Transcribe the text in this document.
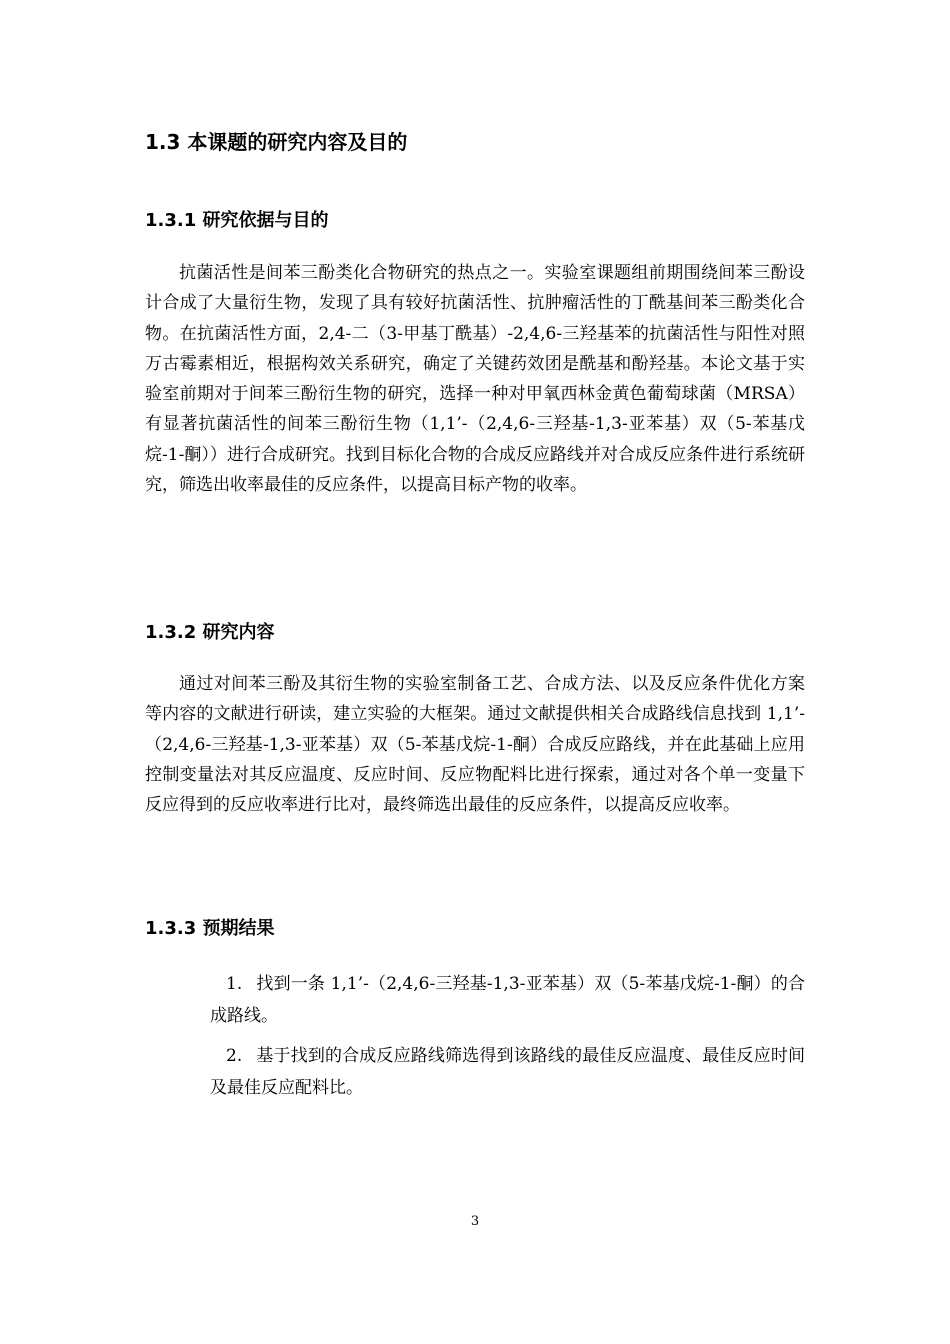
1.3 本课题的研究内容及目的
1.3.1 研究依据与目的

抗菌活性是间苯三酚类化合物研究的热点之一。实验室课题组前期围绕间苯三酚设计合成了大量衍生物，发现了具有较好抗菌活性、抗肿瘤活性的丁酰基间苯三酚类化合物。在抗菌活性方面，2,4-二（3-甲基丁酰基）-2,4,6-三羟基苯的抗菌活性与阳性对照万古霉素相近，根据构效关系研究，确定了关键药效团是酰基和酚羟基。本论文基于实验室前期对于间苯三酚衍生物的研究，选择一种对甲氧西林金黄色葡萄球菌（MRSA）有显著抗菌活性的间苯三酚衍生物（1,1’-（2,4,6-三羟基-1,3-亚苯基）双（5-苯基戊烷-1-酮））进行合成研究。找到目标化合物的合成反应路线并对合成反应条件进行系统研究，筛选出收率最佳的反应条件，以提高目标产物的收率。

1.3.2 研究内容

通过对间苯三酚及其衍生物的实验室制备工艺、合成方法、以及反应条件优化方案等内容的文献进行研读，建立实验的大框架。通过文献提供相关合成路线信息找到 1,1’-（2,4,6-三羟基-1,3-亚苯基）双（5-苯基戊烷-1-酮）合成反应路线，并在此基础上应用控制变量法对其反应温度、反应时间、反应物配料比进行探索，通过对各个单一变量下反应得到的反应收率进行比对，最终筛选出最佳的反应条件，以提高反应收率。

1.3.3 预期结果

1. 找到一条 1,1’-（2,4,6-三羟基-1,3-亚苯基）双（5-苯基戊烷-1-酮）的合成路线。

2. 基于找到的合成反应路线筛选得到该路线的最佳反应温度、最佳反应时间及最佳反应配料比。

3
